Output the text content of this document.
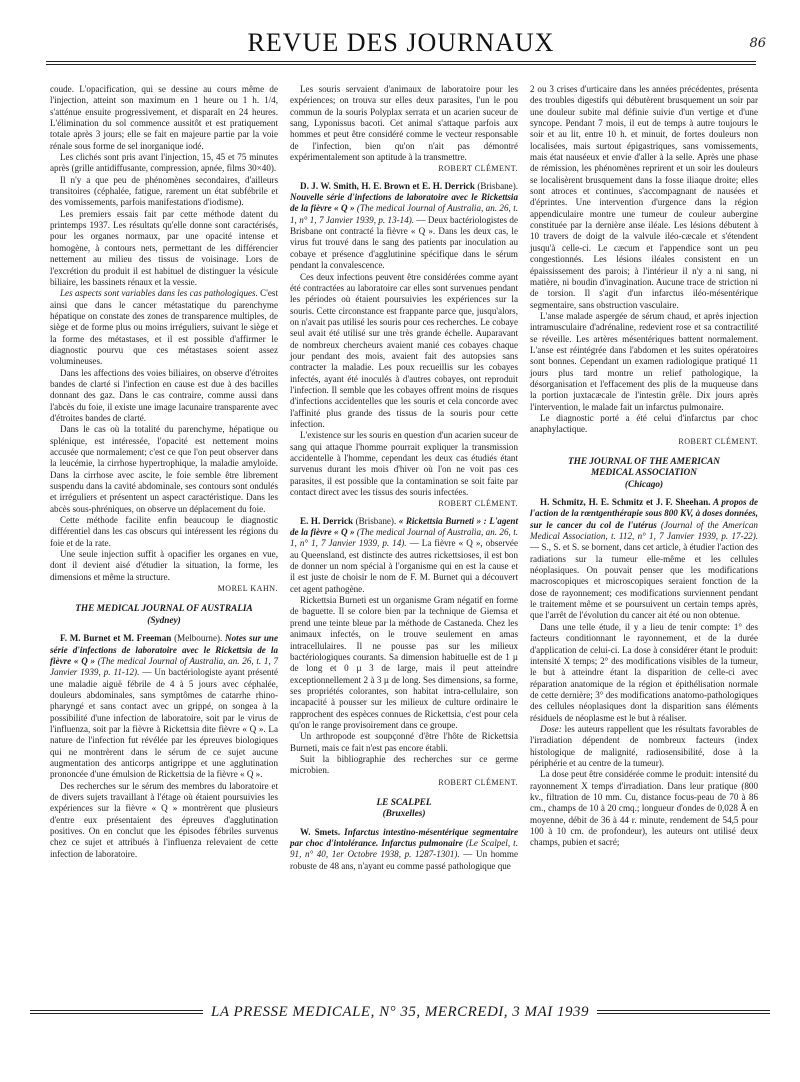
REVUE DES JOURNAUX	86

coude. L'opacification, qui se dessine au cours même de l'injection, atteint son maximum en 1 heure ou 1 h. 1/4, s'atténue ensuite progressivement, et disparaît en 24 heures. L'élimination du sol commence aussitôt et est pratiquement totale après 3 jours; elle se fait en majeure partie par la voie rénale sous forme de sel inorganique iodé.

Les clichés sont pris avant l'injection, 15, 45 et 75 minutes après (grille antidiffusante, compression, apnée, films 30×40).

Il n'y a que peu de phénomènes secondaires, d'ailleurs transitoires (céphalée, fatigue, rarement un état subfébrile et des vomissements, parfois manifestations d'iodisme).

Les premiers essais fait par cette méthode datent du printemps 1937. Les résultats qu'elle donne sont caractérisés, pour les organes normaux, par une opacité intense et homogène, à contours nets, permettant de les différencier nettement au milieu des tissus de voisinage. Lors de l'excrétion du produit il est habituel de distinguer la vésicule biliaire, les bassinets rénaux et la vessie.

Les aspects sont variables dans les cas pathologiques. C'est ainsi que dans le cancer métastatique du parenchyme hépatique on constate des zones de transparence multiples, de siège et de forme plus ou moins irréguliers, suivant le siège et la forme des métastases, et il est possible d'affirmer le diagnostic pourvu que ces métastases soient assez volumineuses.

Dans les affections des voies biliaires, on observe d'étroites bandes de clarté si l'infection en cause est due à des bacilles donnant des gaz. Dans le cas contraire, comme aussi dans l'abcès du foie, il existe une image lacunaire transparente avec d'étroites bandes de clarté.

Dans le cas où la totalité du parenchyme, hépatique ou splénique, est intéressée, l'opacité est nettement moins accusée que normalement; c'est ce que l'on peut observer dans la leucémie, la cirrhose hypertrophique, la maladie amyloïde. Dans la cirrhose avec ascite, le foie semble être librement suspendu dans la cavité abdominale, ses contours sont ondulés et irréguliers et présentent un aspect caractéristique. Dans les abcès sous-phréniques, on observe un déplacement du foie.

Cette méthode facilite enfin beaucoup le diagnostic différentiel dans les cas obscurs qui intéressent les régions du foie et de la rate.

Une seule injection suffit à opacifier les organes en vue, dont il devient aisé d'étudier la situation, la forme, les dimensions et même la structure.

MOREL KAHN.

THE MEDICAL JOURNAL OF AUSTRALIA
(Sydney)

F. M. Burnet et M. Freeman (Melbourne). Notes sur une série d'infections de laboratoire avec le Rickettsia de la fièvre « Q » (The medical Journal of Australia, an. 26, t. 1, 7 Janvier 1939, p. 11-12). — Un bactériologiste ayant présenté une maladie aiguë fébrile de 4 à 5 jours avec céphalée, douleurs abdominales, sans symptômes de catarrhe rhino-pharyngé et sans contact avec un grippé, on songea à la possibilité d'une infection de laboratoire, soit par le virus de l'influenza, soit par la fièvre à Rickettsia dite fièvre « Q ». La nature de l'infection fut révélée par les épreuves biologiques qui ne montrèrent dans le sérum de ce sujet aucune augmentation des anticorps antigrippe et une agglutination prononcée d'une émulsion de Rickettsia de la fièvre « Q ».

Des recherches sur le sérum des membres du laboratoire et de divers sujets travaillant à l'étage où étaient poursuivies les expériences sur la fièvre « Q » montrèrent que plusieurs d'entre eux présentaient des épreuves d'agglutination positives. On en conclut que les épisodes fébriles survenus chez ce sujet et attribués à l'influenza relevaient de cette infection de laboratoire.

Les souris servaient d'animaux de laboratoire pour les expériences; on trouva sur elles deux parasites, l'un le pou commun de la souris Polyplax serrata et un acarien suceur de sang, Lyponissus bacoti. Cet animal s'attaque parfois aux hommes et peut être considéré comme le vecteur responsable de l'infection, bien qu'on n'ait pas démontré expérimentalement son aptitude à la transmettre.

ROBERT CLÉMENT.

D. J. W. Smith, H. E. Brown et E. H. Derrick (Brisbane). Nouvelle série d'infections de laboratoire avec le Rickettsia de la fièvre « Q » (The medical Journal of Australia, an. 26, t. 1, n° 1, 7 Janvier 1939, p. 13-14). — Deux bactériologistes de Brisbane ont contracté la fièvre « Q ». Dans les deux cas, le virus fut trouvé dans le sang des patients par inoculation au cobaye et présence d'agglutinine spécifique dans le sérum pendant la convalescence.

Ces deux infections peuvent être considérées comme ayant été contractées au laboratoire car elles sont survenues pendant les périodes où étaient poursuivies les expériences sur la souris. Cette circonstance est frappante parce que, jusqu'alors, on n'avait pas utilisé les souris pour ces recherches. Le cobaye seul avait été utilisé sur une très grande échelle. Auparavant de nombreux chercheurs avaient manié ces cobayes chaque jour pendant des mois, avaient fait des autopsies sans contracter la maladie. Les poux recueillis sur les cobayes infectés, ayant été inoculés à d'autres cobayes, ont reproduit l'infection. Il semble que les cobayes offrent moins de risques d'infections accidentelles que les souris et cela concorde avec l'affinité plus grande des tissus de la souris pour cette infection.

L'existence sur les souris en question d'un acarien suceur de sang qui attaque l'homme pourrait expliquer la transmission accidentelle à l'homme, cependant les deux cas étudiés étant survenus durant les mois d'hiver où l'on ne voit pas ces parasites, il est possible que la contamination se soit faite par contact direct avec les tissus des souris infectées.

ROBERT CLÉMENT.

E. H. Derrick (Brisbane). « Rickettsia Burneti » : L'agent de la fièvre « Q » (The medical Journal of Australia, an. 26, t. 1, n° 1, 7 Janvier 1939, p. 14). — La fièvre « Q », observée au Queensland, est distincte des autres rickettsioses, il est bon de donner un nom spécial à l'organisme qui en est la cause et il est juste de choisir le nom de F. M. Burnet qui a découvert cet agent pathogène.

Rickettsia Burneti est un organisme Gram négatif en forme de baguette. Il se colore bien par la technique de Giemsa et prend une teinte bleue par la méthode de Castaneda. Chez les animaux infectés, on le trouve seulement en amas intracellulaires. Il ne pousse pas sur les milieux bactériologiques courants. Sa dimension habituelle est de 1 µ de long et 0 µ 3 de large, mais il peut atteindre exceptionnellement 2 à 3 µ de long. Ses dimensions, sa forme, ses propriétés colorantes, son habitat intra-cellulaire, son incapacité à pousser sur les milieux de culture ordinaire le rapprochent des espèces connues de Rickettsia, c'est pour cela qu'on le range provisoirement dans ce groupe.

Un arthropode est soupçonné d'être l'hôte de Rickettsia Burneti, mais ce fait n'est pas encore établi.

Suit la bibliographie des recherches sur ce germe microbien.

ROBERT CLÉMENT.

LE SCALPEL
(Bruxelles)

W. Smets. Infarctus intestino-mésentérique segmentaire par choc d'intolérance. Infarctus pulmonaire (Le Scalpel, t. 91, n° 40, 1er Octobre 1938, p. 1287-1301). — Un homme robuste de 48 ans, n'ayant eu comme passé pathologique que

2 ou 3 crises d'urticaire dans les années précédentes, présenta des troubles digestifs qui débutèrent brusquement un soir par une douleur subite mal définie suivie d'un vertige et d'une syncope. Pendant 7 mois, il eut de temps à autre toujours le soir et au lit, entre 10 h. et minuit, de fortes douleurs non localisées, mais surtout épigastriques, sans vomissements, mais état nauséeux et envie d'aller à la selle. Après une phase de rémission, les phénomènes reprirent et un soir les douleurs se localisèrent brusquement dans la fosse iliaque droite; elles sont atroces et continues, s'accompagnant de nausées et d'éprintes. Une intervention d'urgence dans la région appendiculaire montre une tumeur de couleur aubergine constituée par la dernière anse iléale. Les lésions débutent à 10 travers de doigt de la valvule iléo-cæcale et s'étendent jusqu'à celle-ci. Le cæcum et l'appendice sont un peu congestionnés. Les lésions iléales consistent en un épaississement des parois; à l'intérieur il n'y a ni sang, ni matière, ni boudin d'invagination. Aucune trace de striction ni de torsion. Il s'agit d'un infarctus iléo-mésentérique segmentaire, sans obstruction vasculaire.

L'anse malade aspergée de sérum chaud, et après injection intramusculaire d'adrénaline, redevient rose et sa contractilité se réveille. Les artères mésentériques battent normalement. L'anse est réintégrée dans l'abdomen et les suites opératoires sont bonnes. Cependant un examen radiologique pratiqué 11 jours plus tard montre un relief pathologique, la désorganisation et l'effacement des plis de la muqueuse dans la portion juxtacæcale de l'intestin grêle. Dix jours après l'intervention, le malade fait un infarctus pulmonaire.

Le diagnostic porté a été celui d'infarctus par choc anaphylactique.

ROBERT CLÉMENT.

THE JOURNAL OF THE AMERICAN
MEDICAL ASSOCIATION
(Chicago)

H. Schmitz, H. E. Schmitz et J. F. Sheehan. A propos de l'action de la rœntgenthérapie sous 800 KV, à doses données, sur le cancer du col de l'utérus (Journal of the American Medical Association, t. 112, n° 1, 7 Janvier 1939, p. 17-22). — S., S. et S. se bornent, dans cet article, à étudier l'action des radiations sur la tumeur elle-même et les cellules néoplasiques. On pouvait penser que les modifications macroscopiques et microscopiques seraient fonction de la dose de rayonnement; ces modifications surviennent pendant le traitement même et se poursuivent un certain temps après, que l'arrêt de l'évolution du cancer ait été ou non obtenue.

Dans une telle étude, il y a lieu de tenir compte: 1° des facteurs conditionnant le rayonnement, et de la durée d'application de celui-ci. La dose à considérer étant le produit: intensité X temps; 2° des modifications visibles de la tumeur, le but à atteindre étant la disparition de celle-ci avec réparation anatomique de la région et épithélisation normale de cette dernière; 3° des modifications anatomo-pathologiques des cellules néoplasiques dont la disparition sans éléments résiduels de néoplasme est le but à réaliser.

Dose: les auteurs rappellent que les résultats favorables de l'irradiation dépendent de nombreux facteurs (index histologique de malignité, radiosensibilité, dose à la périphérie et au centre de la tumeur).

La dose peut être considérée comme le produit: intensité du rayonnement X temps d'irradiation. Dans leur pratique (800 kv., filtration de 10 mm. Cu, distance focus-peau de 70 à 86 cm., champs de 10 à 20 cmq.; longueur d'ondes de 0,028 Å en moyenne, débit de 36 à 44 r. minute, rendement de 54,5 pour 100 à 10 cm. de profondeur), les auteurs ont utilisé deux champs, pubien et sacré;

LA PRESSE MEDICALE, N° 35, MERCREDI, 3 MAI 1939
